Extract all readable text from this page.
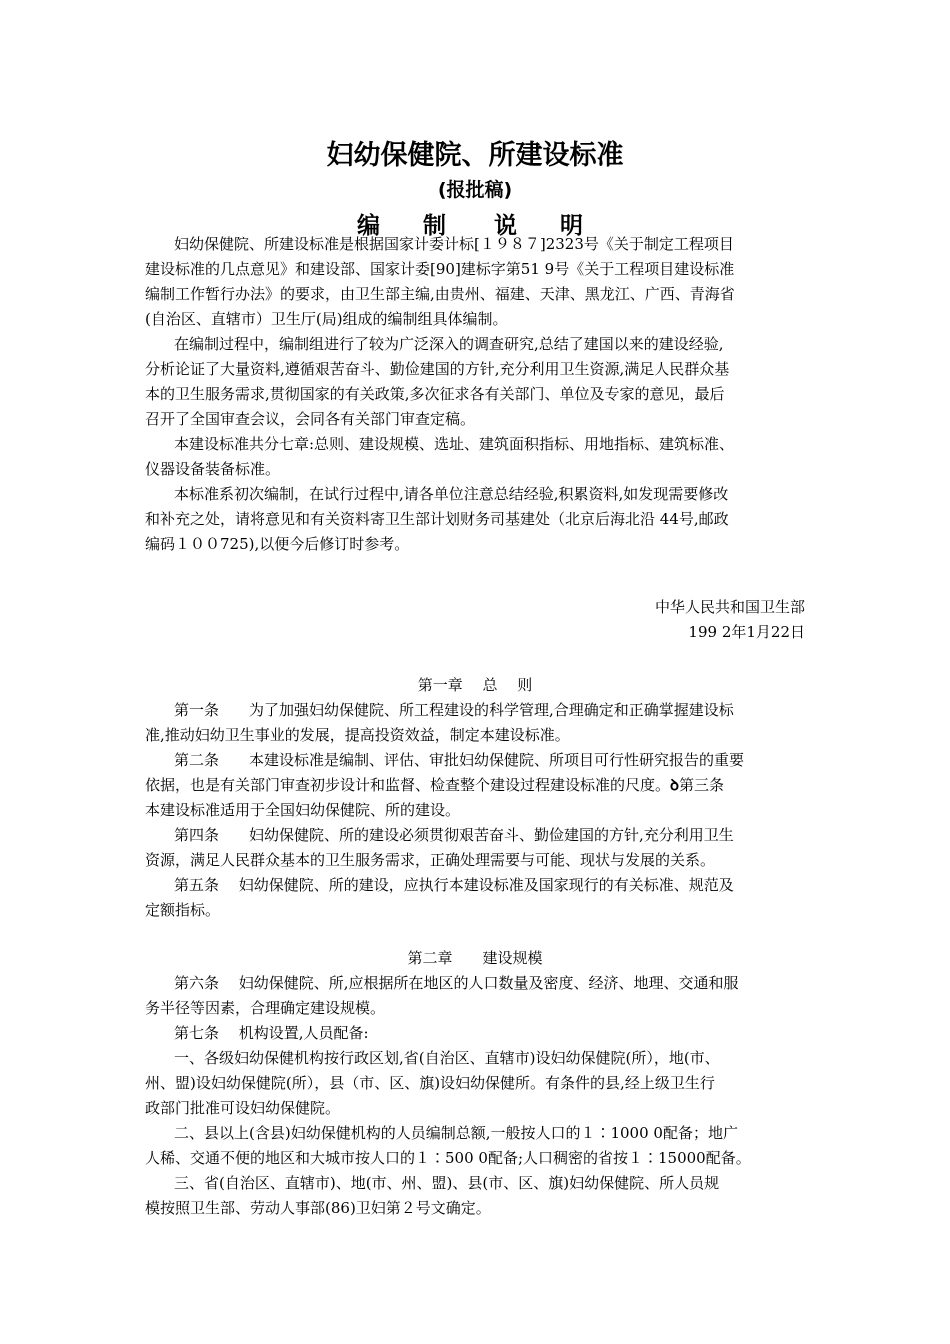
妇幼保健院、所建设标准
(报批稿)
编　制 说　明
妇幼保健院、所建设标准是根据国家计委计标[１９８７]2323号《关于制定工程项目
建设标准的几点意见》和建设部、国家计委[90]建标字第51 9号《关于工程项目建设标准
编制工作暂行办法》的要求，由卫生部主编,由贵州、福建、天津、黑龙江、广西、青海省
(自治区、直辖市）卫生厅(局)组成的编制组具体编制。
在编制过程中，编制组进行了较为广泛深入的调查研究,总结了建国以来的建设经验,
分析论证了大量资料,遵循艰苦奋斗、勤俭建国的方针,充分利用卫生资源,满足人民群众基
本的卫生服务需求,贯彻国家的有关政策,多次征求各有关部门、单位及专家的意见，最后
召开了全国审查会议，会同各有关部门审查定稿。
本建设标准共分七章:总则、建设规模、选址、建筑面积指标、用地指标、建筑标准、
仪器设备装备标准。
本标准系初次编制，在试行过程中,请各单位注意总结经验,积累资料,如发现需要修改
和补充之处，请将意见和有关资料寄卫生部计划财务司基建处（北京后海北沿 44号,邮政
编码１００725),以便今后修订时参考。
中华人民共和国卫生部
199 2年1月22日
第一章　 总　 则
第一条　　为了加强妇幼保健院、所工程建设的科学管理,合理确定和正确掌握建设标
准,推动妇幼卫生事业的发展，提高投资效益，制定本建设标准。
第二条　　本建设标准是编制、评估、审批妇幼保健院、所项目可行性研究报告的重要
依据，也是有关部门审查初步设计和监督、检查整个建设过程建设标准的尺度。ꝺ第三条
本建设标准适用于全国妇幼保健院、所的建设。
第四条　　妇幼保健院、所的建设必须贯彻艰苦奋斗、勤俭建国的方针,充分利用卫生
资源，满足人民群众基本的卫生服务需求，正确处理需要与可能、现状与发展的关系。
第五条　 妇幼保健院、所的建设，应执行本建设标准及国家现行的有关标准、规范及
定额指标。
第二章　　建设规模
第六条　 妇幼保健院、所,应根据所在地区的人口数量及密度、经济、地理、交通和服
务半径等因素，合理确定建设规模。
第七条　 机构设置,人员配备:
一、各级妇幼保健机构按行政区划,省(自治区、直辖市)设妇幼保健院(所），地(市、
州、盟)设妇幼保健院(所），县（市、区、旗)设妇幼保健所。有条件的县,经上级卫生行
政部门批准可设妇幼保健院。
二、县以上(含县)妇幼保健机构的人员编制总额,一般按人口的１∶1000 0配备；地广
人稀、交通不便的地区和大城市按人口的１∶500 0配备;人口稠密的省按１∶15000配备。
三、省(自治区、直辖市)、地(市、州、盟)、县(市、区、旗)妇幼保健院、所人员规
模按照卫生部、劳动人事部(86)卫妇第２号文确定。
